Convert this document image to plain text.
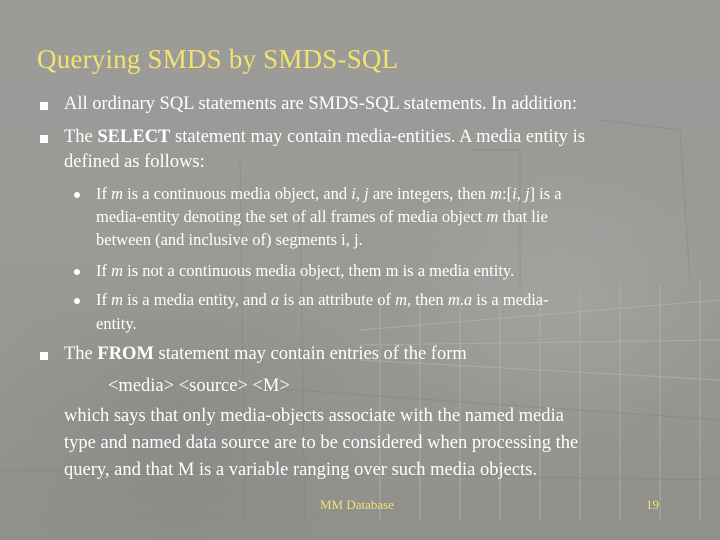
Querying SMDS by SMDS-SQL
All ordinary SQL statements are SMDS-SQL statements. In addition:
The SELECT statement may contain media-entities. A media entity is
defined as follows:
If m is a continuous media object, and i, j are integers, then m:[i, j] is a
media-entity denoting the set of all frames of media object m that lie
between (and inclusive of) segments i, j.
If m is not a continuous media object, them m is a media entity.
If m is a media entity, and a is an attribute of m, then m.a is a media-
entity.
The FROM statement may contain entries of the form
<media> <source> <M>
which says that only media-objects associate with the named media
type and named data source are to be considered when processing the
query, and that M is a variable ranging over such media objects.
MM Database	19
